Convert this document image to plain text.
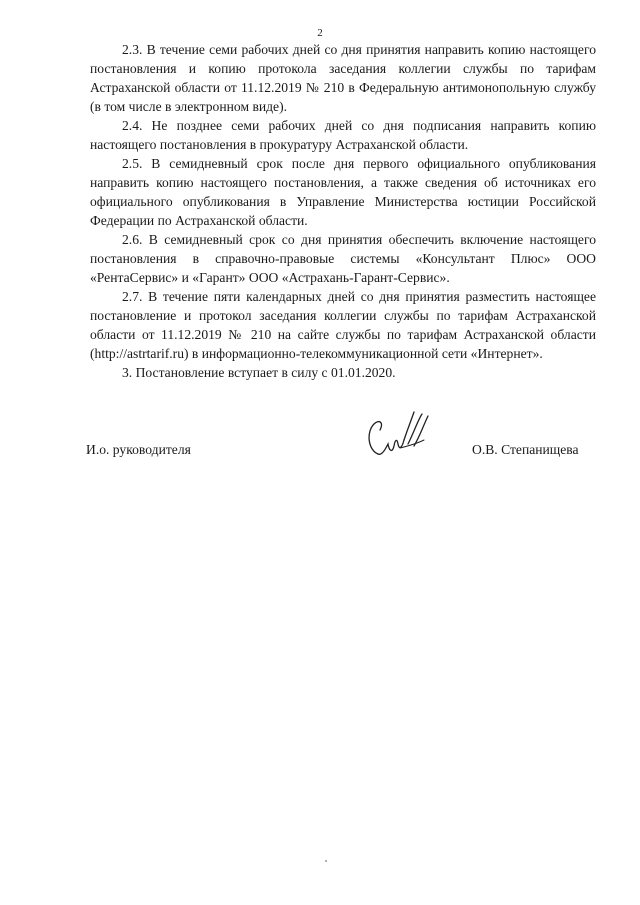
2

2.3. В течение семи рабочих дней со дня принятия направить копию настоящего постановления и копию протокола заседания коллегии службы по тарифам Астраханской области от 11.12.2019 № 210 в Федеральную антимонопольную службу (в том числе в электронном виде).

2.4. Не позднее семи рабочих дней со дня подписания направить копию настоящего постановления в прокуратуру Астраханской области.

2.5. В семидневный срок после дня первого официального опубликования направить копию настоящего постановления, а также сведения об источниках его официального опубликования в Управление Министерства юстиции Российской Федерации по Астраханской области.

2.6. В семидневный срок со дня принятия обеспечить включение настоящего постановления в справочно-правовые системы «Консультант Плюс» ООО «РентаСервис» и «Гарант» ООО «Астрахань-Гарант-Сервис».

2.7. В течение пяти календарных дней со дня принятия разместить настоящее постановление и протокол заседания коллегии службы по тарифам Астраханской области от 11.12.2019 № 210 на сайте службы по тарифам Астраханской области (http://astrtarif.ru) в информационно-телекоммуникационной сети «Интернет».

3. Постановление вступает в силу с 01.01.2020.

И.о. руководителя	О.В. Степанищева
